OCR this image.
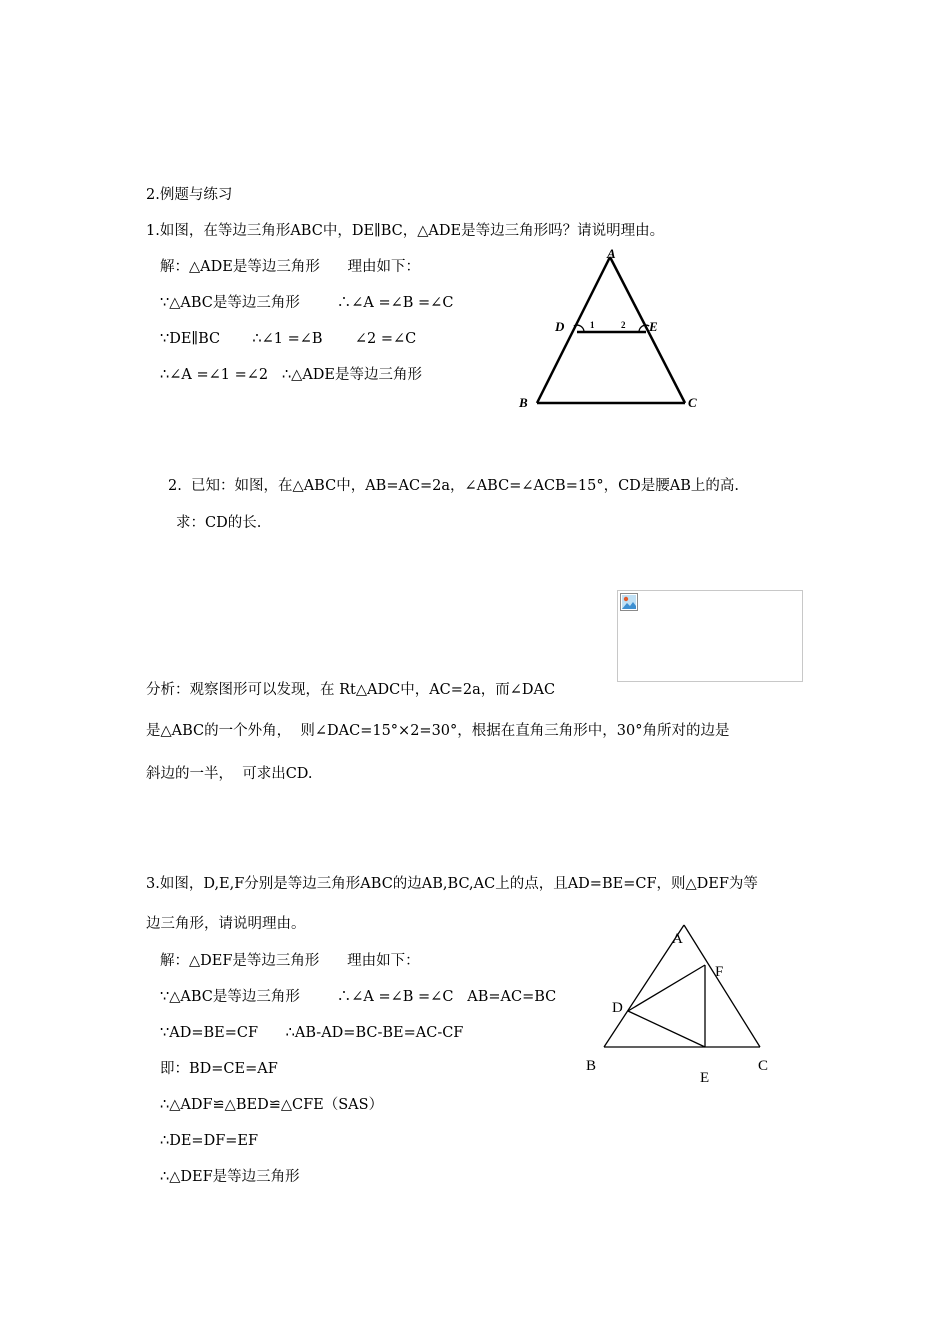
2.例题与练习
1.如图，在等边三角形ABC中，DE∥BC，△ADE是等边三角形吗？请说明理由。
解：△ADE是等边三角形      理由如下：
∵△ABC是等边三角形        ∴∠A =∠B =∠C
∵DE∥BC       ∴∠1 =∠B       ∠2 =∠C
∴∠A =∠1 =∠2   ∴△ADE是等边三角形
A
D	E
B	C
1	2
2.  已知：如图，在△ABC中，AB=AC=2a，∠ABC=∠ACB=15°，CD是腰AB上的高.
求：CD的长.
分析：观察图形可以发现，在 Rt△ADC中，AC=2a，而∠DAC
是△ABC的一个外角，  则∠DAC=15°×2=30°，根据在直角三角形中，30°角所对的边是
斜边的一半，  可求出CD.
3.如图，D,E,F分别是等边三角形ABC的边AB,BC,AC上的点，且AD=BE=CF，则△DEF为等
边三角形，请说明理由。
解：△DEF是等边三角形      理由如下：
∵△ABC是等边三角形        ∴∠A =∠B =∠C   AB=AC=BC
∵AD=BE=CF      ∴AB-AD=BC-BE=AC-CF
即：BD=CE=AF
∴△ADF≌△BED≌△CFE（SAS）
∴DE=DF=EF
∴△DEF是等边三角形
A
F
D
B	C
E
